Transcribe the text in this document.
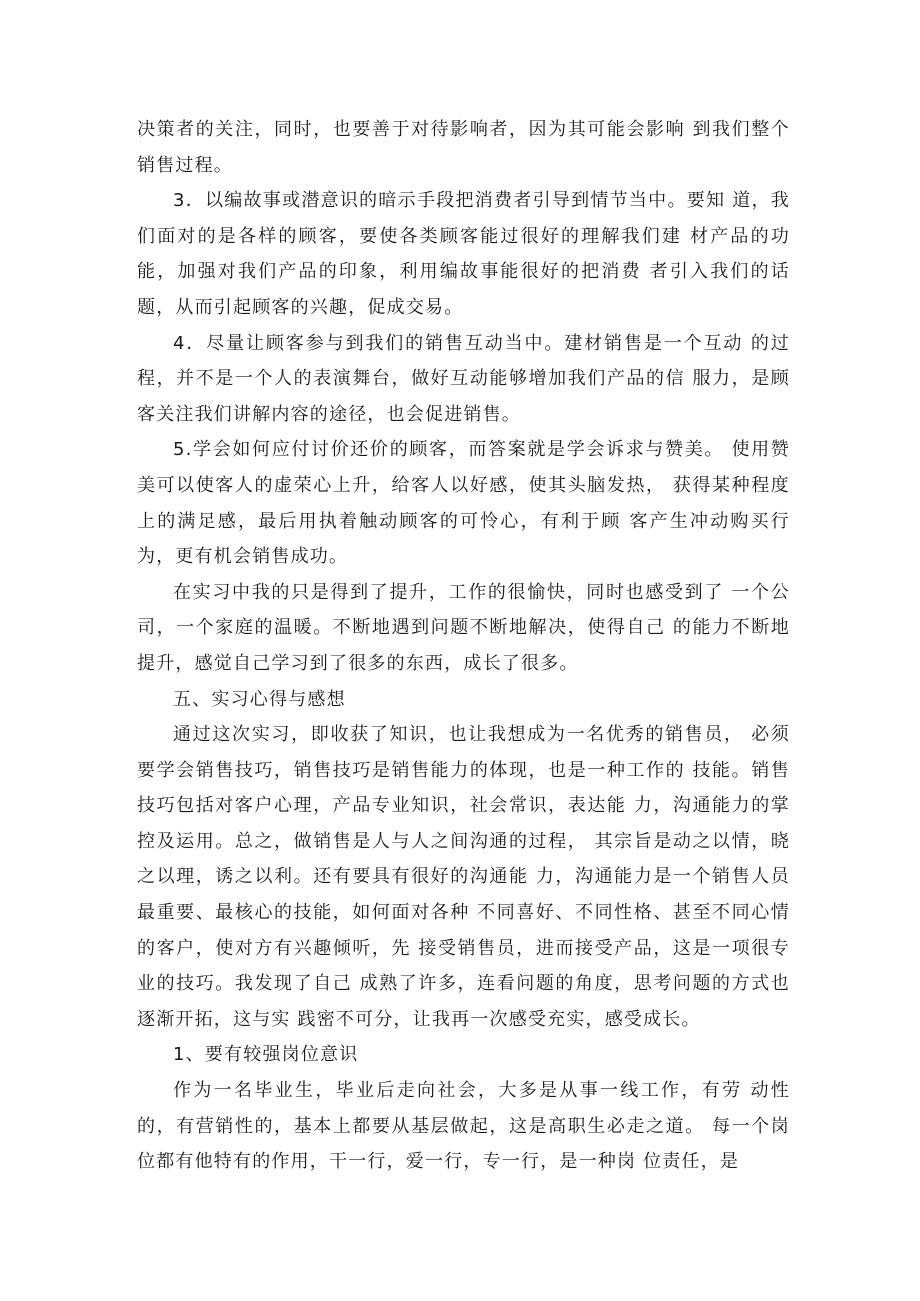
决策者的关注，同时，也要善于对待影响者，因为其可能会影响 到我们整个销售过程。

3．以编故事或潜意识的暗示手段把消费者引导到情节当中。要知 道，我们面对的是各样的顾客，要使各类顾客能过很好的理解我们建 材产品的功能，加强对我们产品的印象，利用编故事能很好的把消费 者引入我们的话题，从而引起顾客的兴趣，促成交易。

4．尽量让顾客参与到我们的销售互动当中。建材销售是一个互动 的过程，并不是一个人的表演舞台，做好互动能够增加我们产品的信 服力，是顾客关注我们讲解内容的途径，也会促进销售。

5.学会如何应付讨价还价的顾客，而答案就是学会诉求与赞美。 使用赞美可以使客人的虚荣心上升，给客人以好感，使其头脑发热， 获得某种程度上的满足感，最后用执着触动顾客的可怜心，有利于顾 客产生冲动购买行为，更有机会销售成功。

在实习中我的只是得到了提升，工作的很愉快，同时也感受到了 一个公司，一个家庭的温暖。不断地遇到问题不断地解决，使得自己 的能力不断地提升，感觉自己学习到了很多的东西，成长了很多。

五、实习心得与感想

通过这次实习，即收获了知识，也让我想成为一名优秀的销售员， 必须要学会销售技巧，销售技巧是销售能力的体现，也是一种工作的 技能。销售技巧包括对客户心理，产品专业知识，社会常识，表达能 力，沟通能力的掌控及运用。总之，做销售是人与人之间沟通的过程， 其宗旨是动之以情，晓之以理，诱之以利。还有要具有很好的沟通能 力，沟通能力是一个销售人员最重要、最核心的技能，如何面对各种 不同喜好、不同性格、甚至不同心情的客户，使对方有兴趣倾听，先 接受销售员，进而接受产品，这是一项很专业的技巧。我发现了自己 成熟了许多，连看问题的角度，思考问题的方式也逐渐开拓，这与实 践密不可分，让我再一次感受充实，感受成长。

1、要有较强岗位意识

作为一名毕业生，毕业后走向社会，大多是从事一线工作，有劳 动性的，有营销性的，基本上都要从基层做起，这是高职生必走之道。 每一个岗位都有他特有的作用，干一行，爱一行，专一行，是一种岗 位责任，是
